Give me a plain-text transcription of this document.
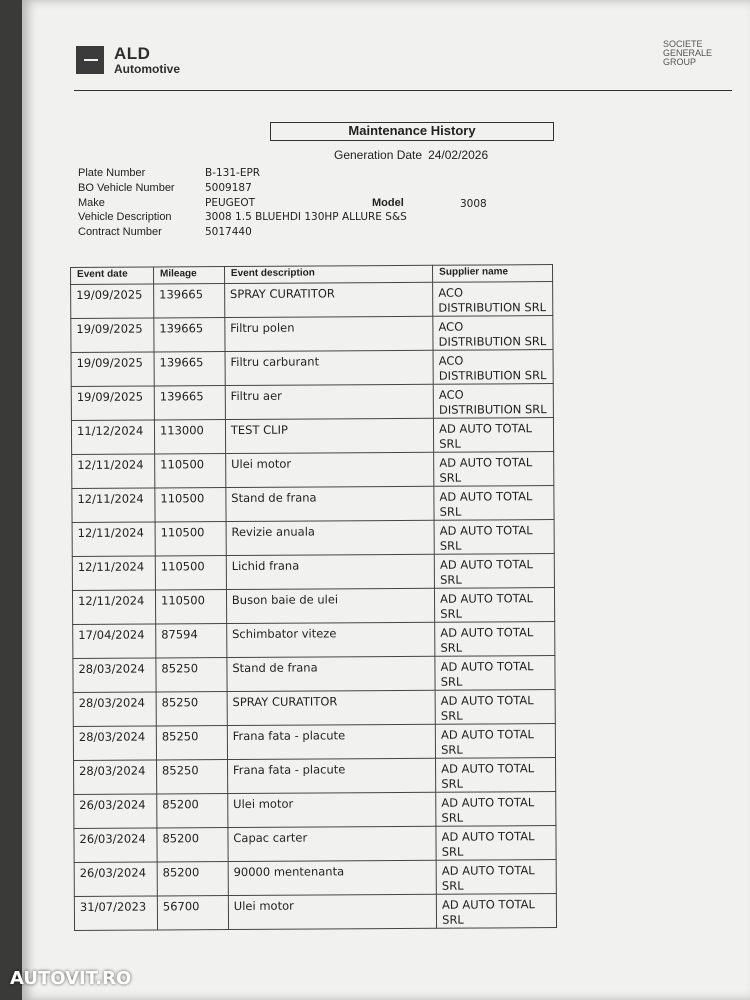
ALD
Automotive
SOCIETE
GENERALE
GROUP
Maintenance History
Generation Date 24/02/2026
Plate Number	B-131-EPR
BO Vehicle Number	5009187
Make	PEUGEOT	Model	3008
Vehicle Description	3008 1.5 BLUEHDI 130HP ALLURE S&S
Contract Number	5017440
Event date	Mileage	Event description	Supplier name
19/09/2025	139665	SPRAY CURATITOR	ACO DISTRIBUTION SRL
19/09/2025	139665	Filtru polen	ACO DISTRIBUTION SRL
19/09/2025	139665	Filtru carburant	ACO DISTRIBUTION SRL
19/09/2025	139665	Filtru aer	ACO DISTRIBUTION SRL
11/12/2024	113000	TEST CLIP	AD AUTO TOTAL SRL
12/11/2024	110500	Ulei motor	AD AUTO TOTAL SRL
12/11/2024	110500	Stand de frana	AD AUTO TOTAL SRL
12/11/2024	110500	Revizie anuala	AD AUTO TOTAL SRL
12/11/2024	110500	Lichid frana	AD AUTO TOTAL SRL
12/11/2024	110500	Buson baie de ulei	AD AUTO TOTAL SRL
17/04/2024	87594	Schimbator viteze	AD AUTO TOTAL SRL
28/03/2024	85250	Stand de frana	AD AUTO TOTAL SRL
28/03/2024	85250	SPRAY CURATITOR	AD AUTO TOTAL SRL
28/03/2024	85250	Frana fata - placute	AD AUTO TOTAL SRL
28/03/2024	85250	Frana fata - placute	AD AUTO TOTAL SRL
26/03/2024	85200	Ulei motor	AD AUTO TOTAL SRL
26/03/2024	85200	Capac carter	AD AUTO TOTAL SRL
26/03/2024	85200	90000 mentenanta	AD AUTO TOTAL SRL
31/07/2023	56700	Ulei motor	AD AUTO TOTAL SRL
AUTOVIT.RO
